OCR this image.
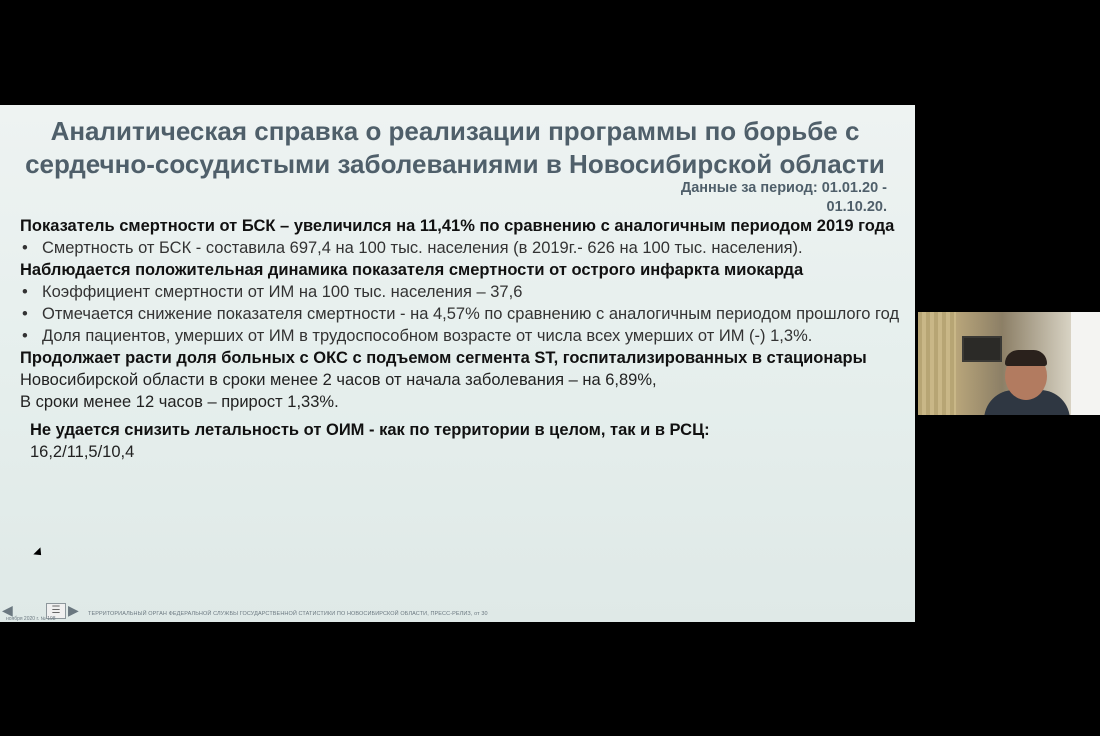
Аналитическая справка о реализации программы по борьбе с сердечно-сосудистыми заболеваниями в Новосибирской области
Данные за период: 01.01.20 -
01.10.20.

Показатель смертности от БСК – увеличился на 11,41% по сравнению с аналогичным периодом 2019 года

• Смертность от БСК - составила 697,4 на 100 тыс. населения (в 2019г.- 626 на 100 тыс. населения).

Наблюдается положительная динамика показателя смертности от острого инфаркта миокарда

• Коэффициент смертности от ИМ на 100 тыс. населения – 37,6
• Отмечается снижение показателя смертности - на 4,57% по сравнению с аналогичным периодом прошлого год
• Доля пациентов, умерших от ИМ в трудоспособном возрасте от числа всех умерших от ИМ (-) 1,3%.

Продолжает расти доля больных с ОКС с подъемом сегмента ST, госпитализированных в стационары Новосибирской области в сроки менее 2 часов от начала заболевания – на 6,89%,

В сроки менее 12 часов – прирост 1,33%.

Не удается снизить летальность от ОИМ - как по территории в целом, так и в РСЦ:

16,2/11,5/10,4

◀	☰ ▶ ТЕРРИТОРИАЛЬНЫЙ ОРГАН ФЕДЕРАЛЬНОЙ СЛУЖБЫ ГОСУДАРСТВЕННОЙ СТАТИСТИКИ ПО НОВОСИБИРСКОЙ ОБЛАСТИ, ПРЕСС-РЕЛИЗ, от 30
ноября 2020 г. № 198
